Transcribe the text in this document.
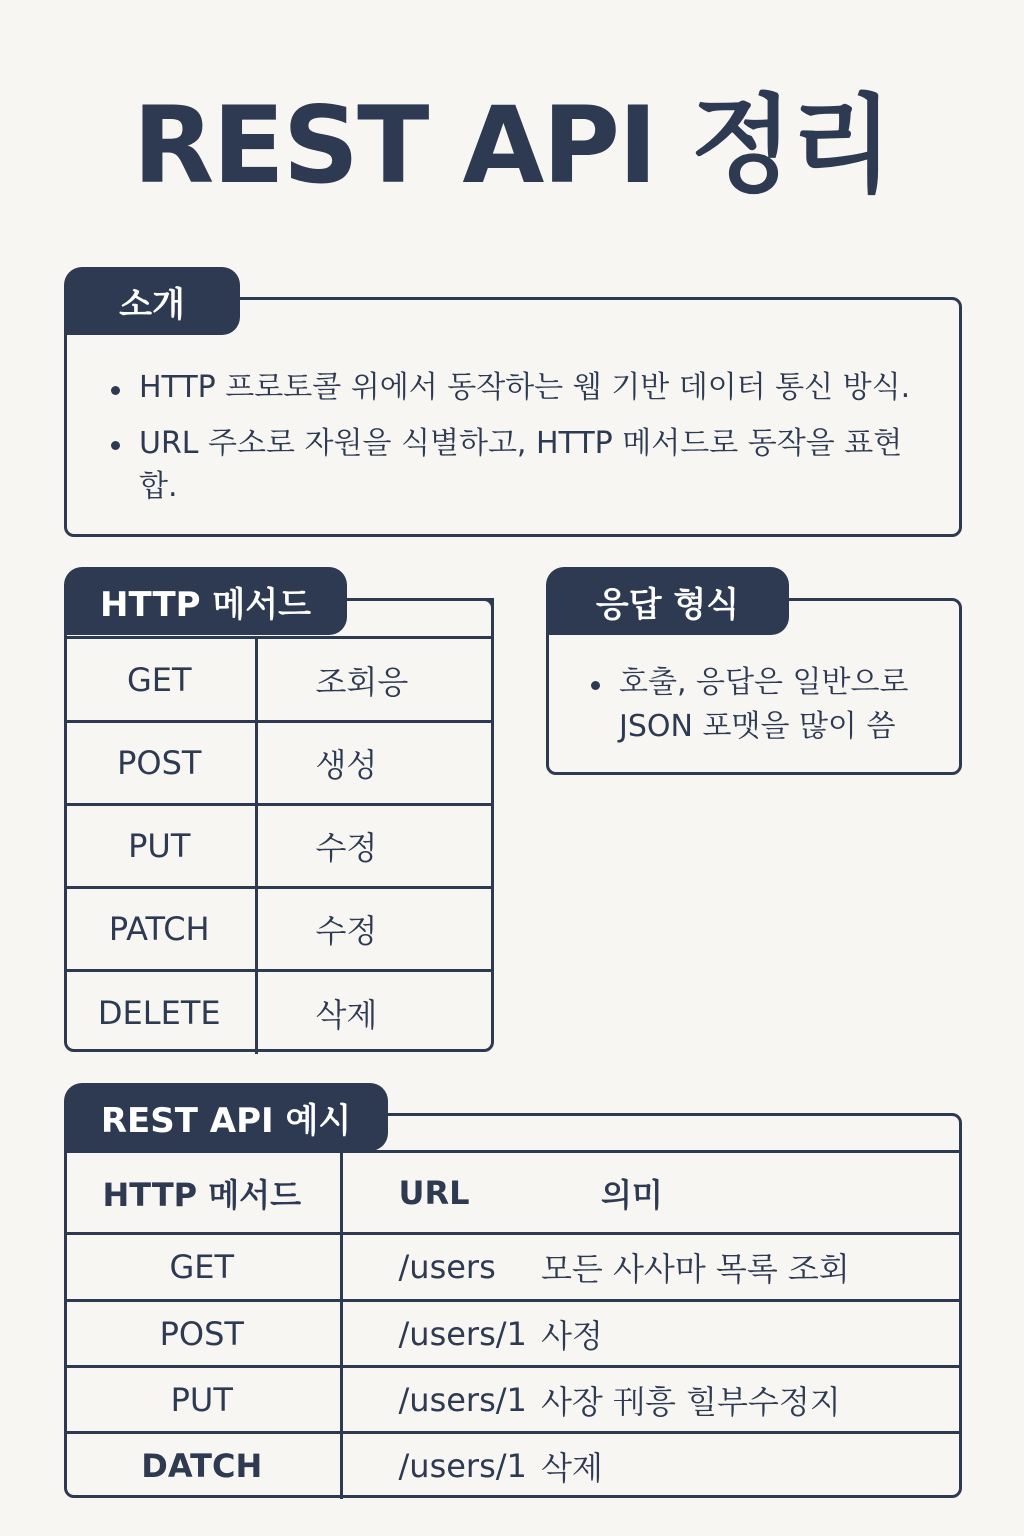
REST API 정리
HTTP 프로토콜 위에서 동작하는 웹 기반 데이터 통신 방식.
URL 주소로 자원을 식별하고, HTTP 메서드로 동작을 표현합.
소개
GET	조회응
POST	생성
PUT	수정
PATCH	수정
DELETE	삭제
HTTP 메서드
호출, 응답은 일반으로 JSON 포맷을 많이 씀
응답 형식
HTTP 메서드	URL	의미
GET	/users	모든 사사마 목록 조회
POST	/users/1	사정
PUT	/users/1	사장 刊흥 힐부수정지
DATCH	/users/1	삭제
REST API 예시
